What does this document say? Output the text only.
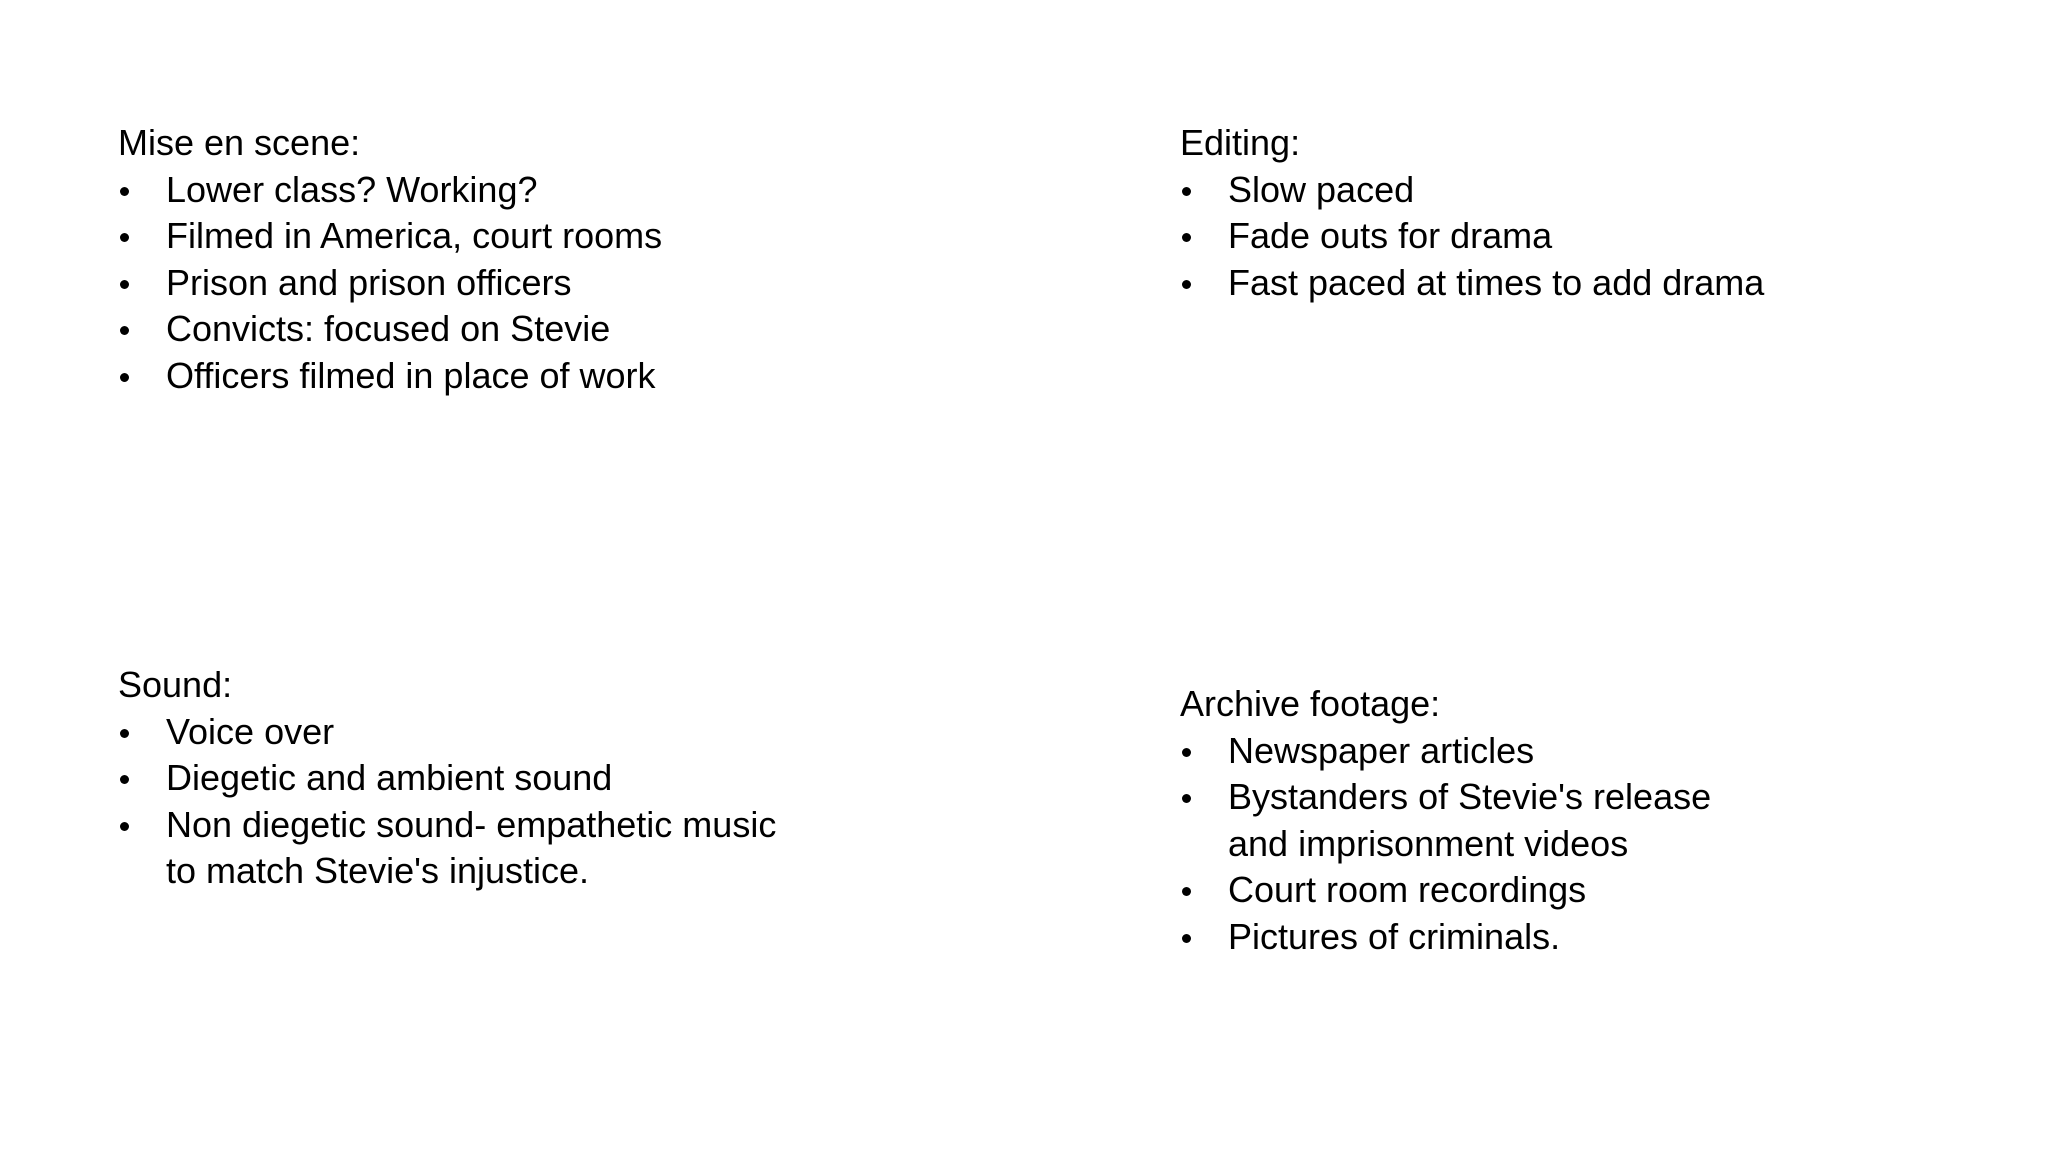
Mise en scene:
Lower class? Working?
Filmed in America, court rooms
Prison and prison officers
Convicts: focused on Stevie
Officers filmed in place of work
Editing:
Slow paced
Fade outs for drama
Fast paced at times to add drama
Sound:
Voice over
Diegetic and ambient sound
Non diegetic sound- empathetic music to match Stevie's injustice.
Archive footage:
Newspaper articles
Bystanders of Stevie's release and imprisonment videos
Court room recordings
Pictures of criminals.
